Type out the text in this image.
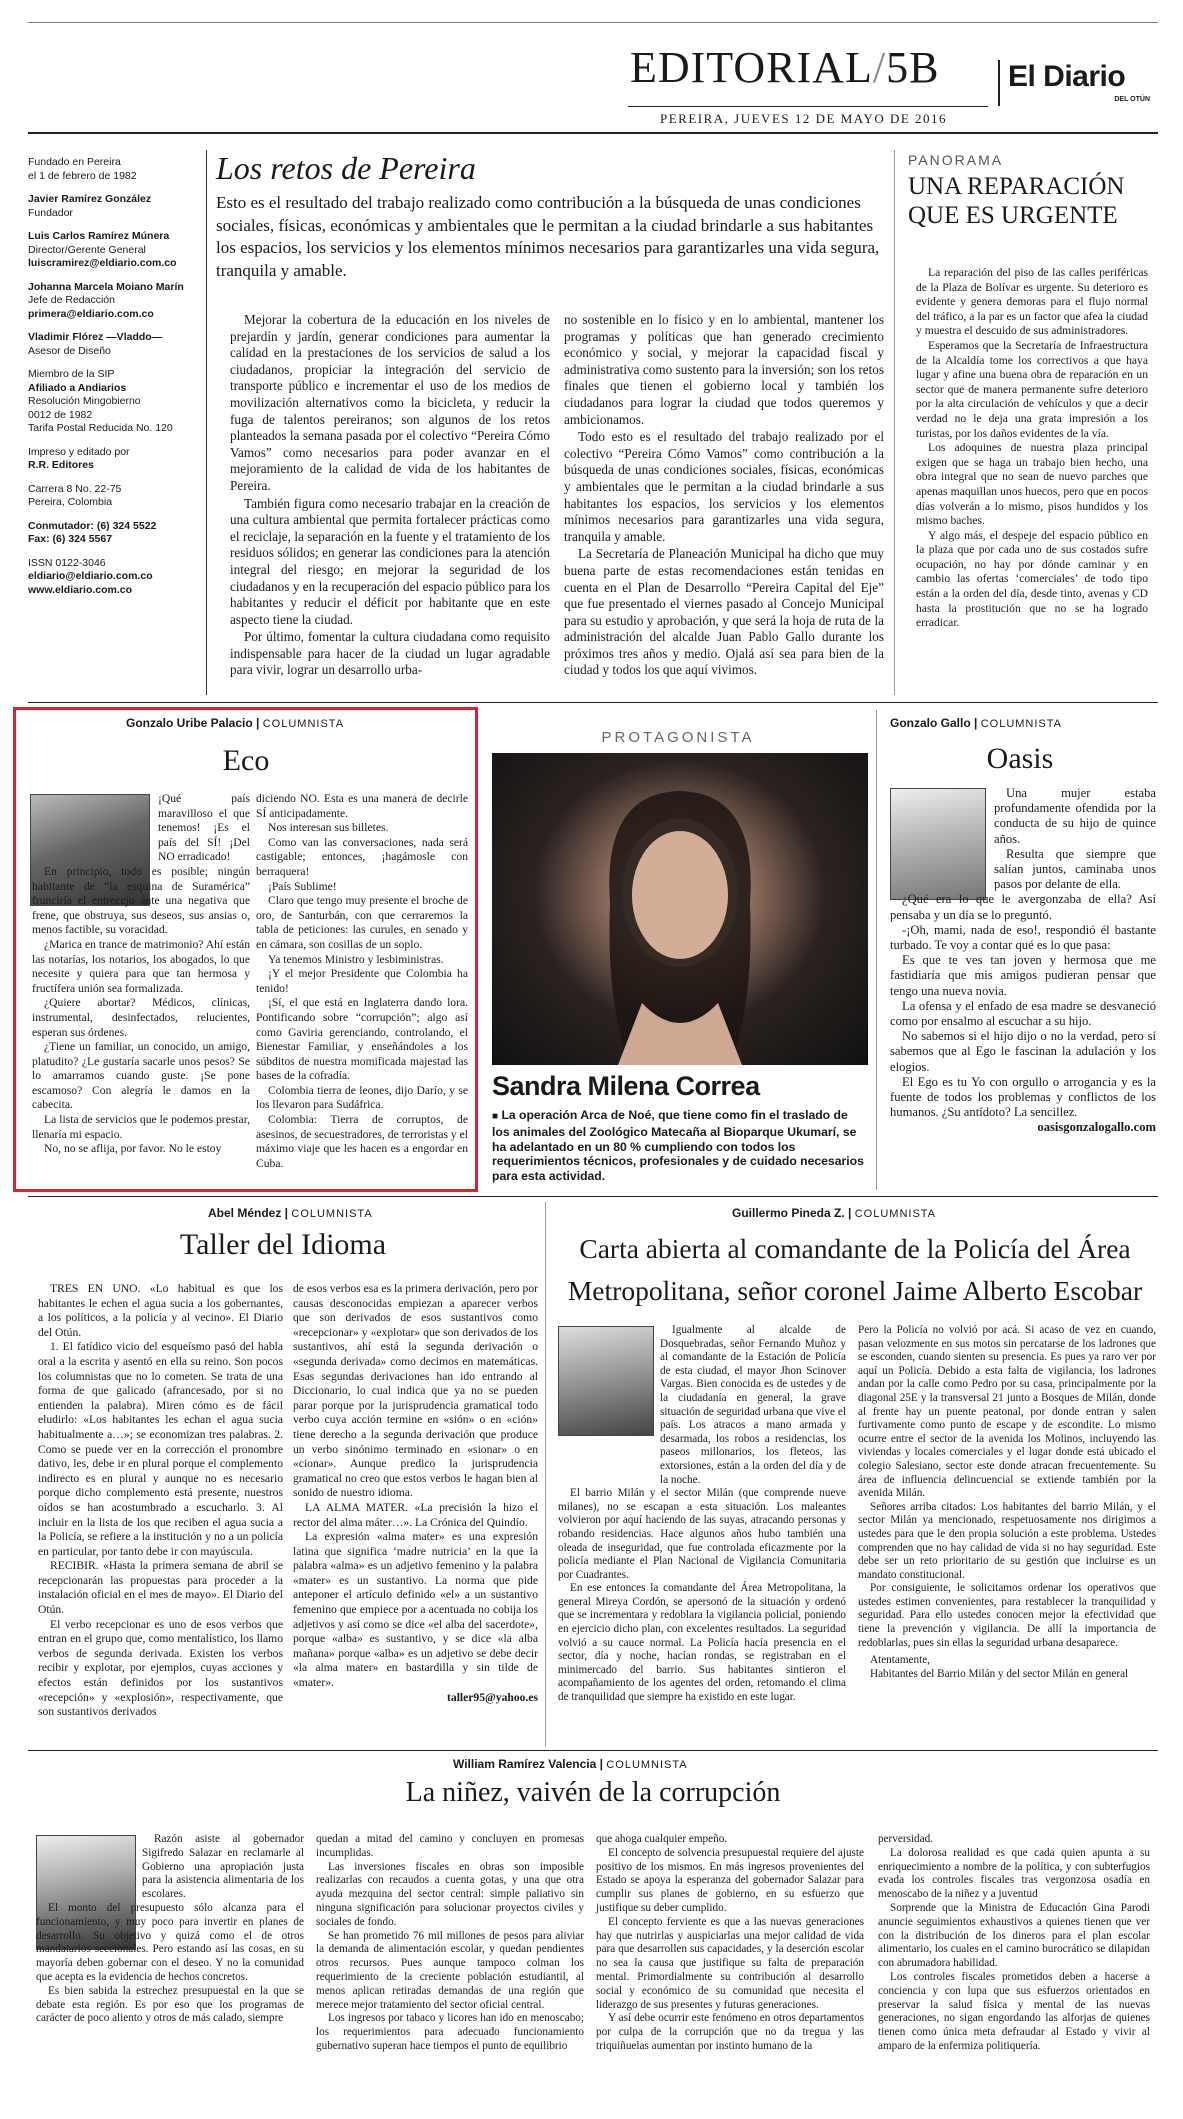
EDITORIAL/5B El Diario
DEL OTÚN
PEREIRA, JUEVES 12 DE MAYO DE 2016
Fundado en Pereira
el 1 de febrero de 1982
Javier Ramírez González
Fundador
Luis Carlos Ramírez Múnera
Director/Gerente General
luiscramirez@eldiario.com.co
Johanna Marcela Moiano Marín
Jefe de Redacción
primera@eldiario.com.co
Vladimir Flórez —Vladdo—
Asesor de Diseño
Miembro de la SIP
Afiliado a Andiarios
Resolución Mingobierno
0012 de 1982
Tarifa Postal Reducida No. 120
Impreso y editado por
R.R. Editores
Carrera 8 No. 22-75
Pereira, Colombia
Conmutador: (6) 324 5522
Fax: (6) 324 5567
ISSN 0122-3046
eldiario@eldiario.com.co
www.eldiario.com.co
Los retos de Pereira
Esto es el resultado del trabajo realizado como contribución a la búsqueda de unas condiciones sociales, físicas, económicas y ambientales que le permitan a la ciudad brindarle a sus habitantes los espacios, los servicios y los elementos mínimos necesarios para garantizarles una vida segura, tranquila y amable.

Mejorar la cobertura de la educación en los niveles de prejardín y jardín, generar condiciones para aumentar la calidad en la prestaciones de los servicios de salud a los ciudadanos, propiciar la integración del servicio de transporte público e incrementar el uso de los medios de movilización alternativos como la bicicleta, y reducir la fuga de talentos pereiranos; son algunos de los retos planteados la semana pasada por el colectivo “Pereira Cómo Vamos” como necesarios para poder avanzar en el mejoramiento de la calidad de vida de los habitantes de Pereira.

También figura como necesario trabajar en la creación de una cultura ambiental que permita fortalecer prácticas como el reciclaje, la separación en la fuente y el tratamiento de los residuos sólidos; en generar las condiciones para la atención integral del riesgo; en mejorar la seguridad de los ciudadanos y en la recuperación del espacio público para los habitantes y reducir el déficit por habitante que en este aspecto tiene la ciudad.

Por último, fomentar la cultura ciudadana como requisito indispensable para hacer de la ciudad un lugar agradable para vivir, lograr un desarrollo urba-

no sostenible en lo físico y en lo ambiental, mantener los programas y políticas que han generado crecimiento económico y social, y mejorar la capacidad fiscal y administrativa como sustento para la inversión; son los retos finales que tienen el gobierno local y también los ciudadanos para lograr la ciudad que todos queremos y ambicionamos.

Todo esto es el resultado del trabajo realizado por el colectivo “Pereira Cómo Vamos” como contribución a la búsqueda de unas condiciones sociales, físicas, económicas y ambientales que le permitan a la ciudad brindarle a sus habitantes los espacios, los servicios y los elementos mínimos necesarios para garantizarles una vida segura, tranquila y amable.

La Secretaría de Planeación Municipal ha dicho que muy buena parte de estas recomendaciones están tenidas en cuenta en el Plan de Desarrollo “Pereira Capital del Eje” que fue presentado el viernes pasado al Concejo Municipal para su estudio y aprobación, y que será la hoja de ruta de la administración del alcalde Juan Pablo Gallo durante los próximos tres años y medio. Ojalá así sea para bien de la ciudad y todos los que aquí vivimos.

PANORAMA
UNA REPARACIÓN QUE ES URGENTE

La reparación del piso de las calles periféricas de la Plaza de Bolívar es urgente. Su deterioro es evidente y genera demoras para el flujo normal del tráfico, a la par es un factor que afea la ciudad y muestra el descuido de sus administradores.

Esperamos que la Secretaría de Infraestructura de la Alcaldía tome los correctivos a que haya lugar y afine una buena obra de reparación en un sector que de manera permanente sufre deterioro por la alta circulación de vehículos y que a decir verdad no le deja una grata impresión a los turistas, por los daños evidentes de la vía.

Los adoquines de nuestra plaza principal exigen que se haga un trabajo bien hecho, una obra integral que no sean de nuevo parches que apenas maquillan unos huecos, pero que en pocos días volverán a lo mismo, pisos hundidos y los mismo baches.

Y algo más, el despeje del espacio público en la plaza que por cada uno de sus costados sufre ocupación, no hay por dónde caminar y en cambio las ofertas ‘comerciales’ de todo tipo están a la orden del día, desde tinto, avenas y CD hasta la prostitución que no se ha logrado erradicar.

Gonzalo Uribe Palacio | COLUMNISTA
Eco

¡Qué país maravilloso el que tenemos! ¡Es el país del SÍ! ¡Del NO erradicado!

En principio, todo es posible; ningún habitante de “la esquina de Suramérica” frunciría el entrecejo ante una negativa que frene, que obstruya, sus deseos, sus ansias o, menos factible, su voracidad.

¿Marica en trance de matrimonio? Ahí están las notarías, los notarios, los abogados, lo que necesite y quiera para que tan hermosa y fructífera unión sea formalizada.

¿Quiere abortar? Médicos, clínicas, instrumental, desinfectados, relucientes, esperan sus órdenes.

¿Tiene un familiar, un conocido, un amigo, platudito? ¿Le gustaría sacarle unos pesos? Se lo amarramos cuando guste. ¡Se pone escamoso? Con alegría le damos en la cabecita.

La lista de servicios que le podemos prestar, llenaría mi espacio.

No, no se aflija, por favor. No le estoy

diciendo NO. Esta es una manera de decirle SÍ anticipadamente.

Nos interesan sus billetes.

Como van las conversaciones, nada será castigable; entonces, ¡hagámosle con berraquera!

¡País Sublime!

Claro que tengo muy presente el broche de oro, de Santurbán, con que cerraremos la tabla de peticiones: las curules, en senado y en cámara, son cosillas de un soplo.

Ya tenemos Ministro y lesbiministras.

¡Y el mejor Presidente que Colombia ha tenido!

¡Sí, el que está en Inglaterra dando lora. Pontificando sobre “corrupción”; algo así como Gaviria gerenciando, controlando, el Bienestar Familiar, y enseñándoles a los súbditos de nuestra momificada majestad las bases de la cofradía.

Colombia tierra de leones, dijo Darío, y se los llevaron para Sudáfrica.

Colombia: Tierra de corruptos, de asesinos, de secuestradores, de terroristas y el máximo viaje que les hacen es a engordar en Cuba.

PROTAGONISTA
Sandra Milena Correa
■ La operación Arca de Noé, que tiene como fin el traslado de los animales del Zoológico Matecaña al Bioparque Ukumarí, se ha adelantado en un 80 % cumpliendo con todos los requerimientos técnicos, profesionales y de cuidado necesarios para esta actividad.
Gonzalo Gallo | COLUMNISTA
Oasis

Una mujer estaba profundamente ofendida por la conducta de su hijo de quince años.

Resulta que siempre que salían juntos, caminaba unos pasos por delante de ella.

¿Qué era lo que le avergonzaba de ella? Así pensaba y un día se lo preguntó.

-¡Oh, mami, nada de eso!, respondió él bastante turbado. Te voy a contar qué es lo que pasa:

Es que te ves tan joven y hermosa que me fastidiaría que mis amigos pudieran pensar que tengo una nueva novia.

La ofensa y el enfado de esa madre se desvaneció como por ensalmo al escuchar a su hijo.

No sabemos si el hijo dijo o no la verdad, pero sí sabemos que al Ego le fascinan la adulación y los elogios.

El Ego es tu Yo con orgullo o arrogancia y es la fuente de todos los problemas y conflictos de los humanos. ¿Su antídoto? La sencillez.

oasisgonzalogallo.com
Abel Méndez | COLUMNISTA
Taller del Idioma

TRES EN UNO. «Lo habitual es que los habitantes le echen el agua sucia a los gobernantes, a los políticos, a la policía y al vecino». El Diario del Otún.

1. El fatídico vicio del esqueísmo pasó del habla oral a la escrita y asentó en ella su reino. Son pocos los columnistas que no lo cometen. Se trata de una forma de que galicado (afrancesado, por si no entienden la palabra). Miren cómo es de fácil eludirlo: «Los habitantes les echan el agua sucia habitualmente a…»; se economizan tres palabras. 2. Como se puede ver en la corrección el pronombre dativo, les, debe ir en plural porque el complemento indirecto es en plural y aunque no es necesario porque dicho complemento está presente, nuestros oídos se han acostumbrado a escucharlo. 3. Al incluir en la lista de los que reciben el agua sucia a la Policía, se refiere a la institución y no a un policía en particular, por tanto debe ir con mayúscula.

RECIBIR. «Hasta la primera semana de abril se recepcionarán las propuestas para proceder a la instalación oficial en el mes de mayo». El Diario del Otún.

El verbo recepcionar es uno de esos verbos que entran en el grupo que, como mentalístico, los llamo verbos de segunda derivada. Existen los verbos recibir y explotar, por ejemplos, cuyas acciones y efectos están definidos por los sustantivos «recepción» y «explosión», respectivamente, que son sustantivos derivados

de esos verbos esa es la primera derivación, pero por causas desconocidas empiezan a aparecer verbos que son derivados de esos sustantivos como «recepcionar» y «explotar» que son derivados de los sustantivos, ahí está la segunda derivación o «segunda derivada» como decimos en matemáticas. Esas segundas derivaciones han ido entrando al Diccionario, lo cual indica que ya no se pueden parar porque por la jurisprudencia gramatical todo verbo cuya acción termine en «sión» o en «ción» tiene derecho a la segunda derivación que produce un verbo sinónimo terminado en «sionar» o en «cionar». Aunque predico la jurisprudencia gramatical no creo que estos verbos le hagan bien al sonido de nuestro idioma.

LA ALMA MATER. «La precisión la hizo el rector del alma máter…». La Crónica del Quindío.

La expresión «alma mater» es una expresión latina que significa ‘madre nutricia’ en la que la palabra «alma» es un adjetivo femenino y la palabra «mater» es un sustantivo. La norma que pide anteponer el artículo definido «el» a un sustantivo femenino que empiece por a acentuada no cobija los adjetivos y así como se dice «el alba del sacerdote», porque «alba» es sustantivo, y se dice «la alba mañana» porque «alba» es un adjetivo se debe decir «la alma mater» en bastardilla y sin tilde de «mater».

taller95@yahoo.es
Guillermo Pineda Z. | COLUMNISTA
Carta abierta al comandante de la Policía del Área Metropolitana, señor coronel Jaime Alberto Escobar

Igualmente al alcalde de Dosquebradas, señor Fernando Muñoz y al comandante de la Estación de Policía de esta ciudad, el mayor Jhon Scinover Vargas. Bien conocida es de ustedes y de la ciudadanía en general, la grave situación de seguridad urbana que vive el país. Los atracos a mano armada y desarmada, los robos a residencias, los paseos millonarios, los fleteos, las extorsiones, están a la orden del día y de la noche.

El barrio Milán y el sector Milán (que comprende nueve milanes), no se escapan a esta situación. Los maleantes volvieron por aquí haciendo de las suyas, atracando personas y robando residencias. Hace algunos años hubo también una oleada de inseguridad, que fue controlada eficazmente por la policía mediante el Plan Nacional de Vigilancia Comunitaria por Cuadrantes.

En ese entonces la comandante del Área Metropolitana, la general Mireya Cordón, se apersonó de la situación y ordenó que se incrementara y redoblara la vigilancia policial, poniendo en ejercicio dicho plan, con excelentes resultados. La seguridad volvió a su cauce normal. La Policía hacía presencia en el sector, día y noche, hacían rondas, se registraban en el minimercado del barrio. Sus habitantes sintieron el acompañamiento de los agentes del orden, retomando el clima de tranquilidad que siempre ha existido en este lugar.

Pero la Policía no volvió por acá. Si acaso de vez en cuando, pasan velozmente en sus motos sin percatarse de los ladrones que se esconden, cuando sienten su presencia. Es pues ya raro ver por aquí un Policía. Debido a esta falta de vigilancia, los ladrones andan por la calle como Pedro por su casa, principalmente por la diagonal 25E y la transversal 21 junto a Bosques de Milán, donde al frente hay un puente peatonal, por donde entran y salen furtivamente como punto de escape y de escondite. Lo mismo ocurre entre el sector de la avenida los Molinos, incluyendo las viviendas y locales comerciales y el lugar donde está ubicado el colegio Salesiano, sector este donde atracan frecuentemente. Su área de influencia delincuencial se extiende también por la avenida Milán.

Señores arriba citados: Los habitantes del barrio Milán, y el sector Milán ya mencionado, respetuosamente nos dirigimos a ustedes para que le den propia solución a este problema. Ustedes comprenden que no hay calidad de vida si no hay seguridad. Este debe ser un reto prioritario de su gestión que incluirse es un mandato constitucional.

Por consiguiente, le solicitamos ordenar los operativos que ustedes estimen convenientes, para restablecer la tranquilidad y seguridad. Para ello ustedes conocen mejor la efectividad que tiene la prevención y vigilancia. De allí la importancia de redoblarlas, pues sin ellas la seguridad urbana desaparece.

Atentamente,

Habitantes del Barrio Milán y del sector Milán en general

William Ramírez Valencia | COLUMNISTA
La niñez, vaivén de la corrupción

Razón asiste al gobernador Sigifredo Salazar en reclamarle al Gobierno una apropiación justa para la asistencia alimentaria de los escolares.

El monto del presupuesto sólo alcanza para el funcionamiento, y muy poco para invertir en planes de desarrollo. Su objetivo y quizá como el de otros mandatarios seccionales. Pero estando así las cosas, en su mayoría deben gobernar con el deseo. Y no la comunidad que acepta es la evidencia de hechos concretos.

Es bien sabida la estrechez presupuestal en la que se debate esta región. Es por eso que los programas de carácter de poco aliento y otros de más calado, siempre

quedan a mitad del camino y concluyen en promesas incumplidas.

Las inversiones fiscales en obras son imposible realizarlas con recaudos a cuenta gotas, y una que otra ayuda mezquina del sector central: simple paliativo sin ninguna significación para solucionar proyectos civiles y sociales de fondo.

Se han prometido 76 mil millones de pesos para aliviar la demanda de alimentación escolar, y quedan pendientes otros recursos. Pues aunque tampoco colman los requerimiento de la creciente población estudiantil, al menos aplican retiradas demandas de una región que merece mejor tratamiento del sector oficial central.

Los ingresos por tabaco y licores han ido en menoscabo; los requerimientos para adecuado funcionamiento gubernativo superan hace tiempos el punto de equilibrio

que ahoga cualquier empeño.

El concepto de solvencia presupuestal requiere del ajuste positivo de los mismos. En más ingresos provenientes del Estado se apoya la esperanza del gobernador Salazar para cumplir sus planes de gobierno, en su esfuerzo que justifique su deber cumplido.

El concepto ferviente es que a las nuevas generaciones hay que nutrirlas y auspiciarlas una mejor calidad de vida para que desarrollen sus capacidades, y la deserción escolar no sea la causa que justifique su falta de preparación mental. Primordialmente su contribución al desarrollo social y económico de su comunidad que necesita el liderazgo de sus presentes y futuras generaciones.

Y así debe ocurrir este fenómeno en otros departamentos por culpa de la corrupción que no da tregua y las triquiñuelas aumentan por instinto humano de la

perversidad.

La dolorosa realidad es que cada quien apunta a su enriquecimiento a nombre de la política, y con subterfugios evada los controles fiscales tras vergonzosa osadía en menoscabo de la niñez y a juventud

Sorprende que la Ministra de Educación Gina Parodi anuncie seguimientos exhaustivos a quienes tienen que ver con la distribución de los dineros para el plan escolar alimentario, los cuales en el camino burocrático se dilapidan con abrumadora habilidad.

Los controles fiscales prometidos deben a hacerse a conciencia y con lupa que sus esfuerzos orientados en preservar la salud física y mental de las nuevas generaciones, no sigan engordando las alforjas de quienes tienen como única meta defraudar al Estado y vivir al amparo de la enfermiza politiquería.
